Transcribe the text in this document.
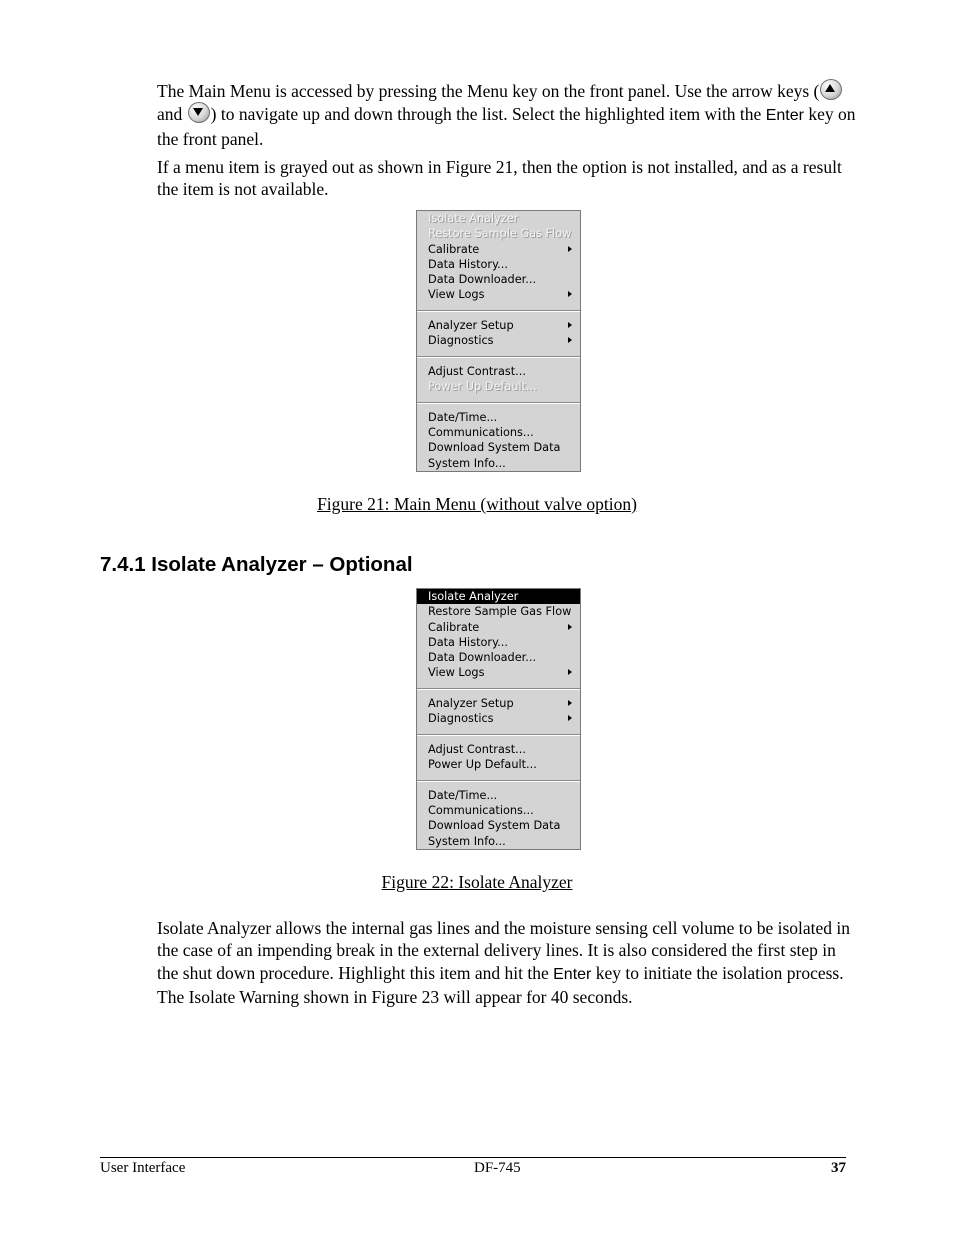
The Main Menu is accessed by pressing the Menu key on the front panel. Use the arrow keys (
and
) to navigate up and down through the list. Select the highlighted item with the Enter key on the front panel.

If a menu item is grayed out as shown in Figure 21, then the option is not installed, and as a result the item is not available.

Isolate Analyzer
Restore Sample Gas Flow
Calibrate
Data History...
Data Downloader...
View Logs
Analyzer Setup
Diagnostics
Adjust Contrast...
Power Up Default...
Date/Time...
Communications...
Download System Data
System Info...
Figure 21: Main Menu (without valve option)
7.4.1 Isolate Analyzer – Optional
Isolate Analyzer
Restore Sample Gas Flow
Calibrate
Data History...
Data Downloader...
View Logs
Analyzer Setup
Diagnostics
Adjust Contrast...
Power Up Default...
Date/Time...
Communications...
Download System Data
System Info...
Figure 22: Isolate Analyzer

Isolate Analyzer allows the internal gas lines and the moisture sensing cell volume to be isolated in the case of an impending break in the external delivery lines. It is also considered the first step in the shut down procedure. Highlight this item and hit the Enter key to initiate the isolation process. The Isolate Warning shown in Figure 23 will appear for 40 seconds.

User Interface	DF-745	37
